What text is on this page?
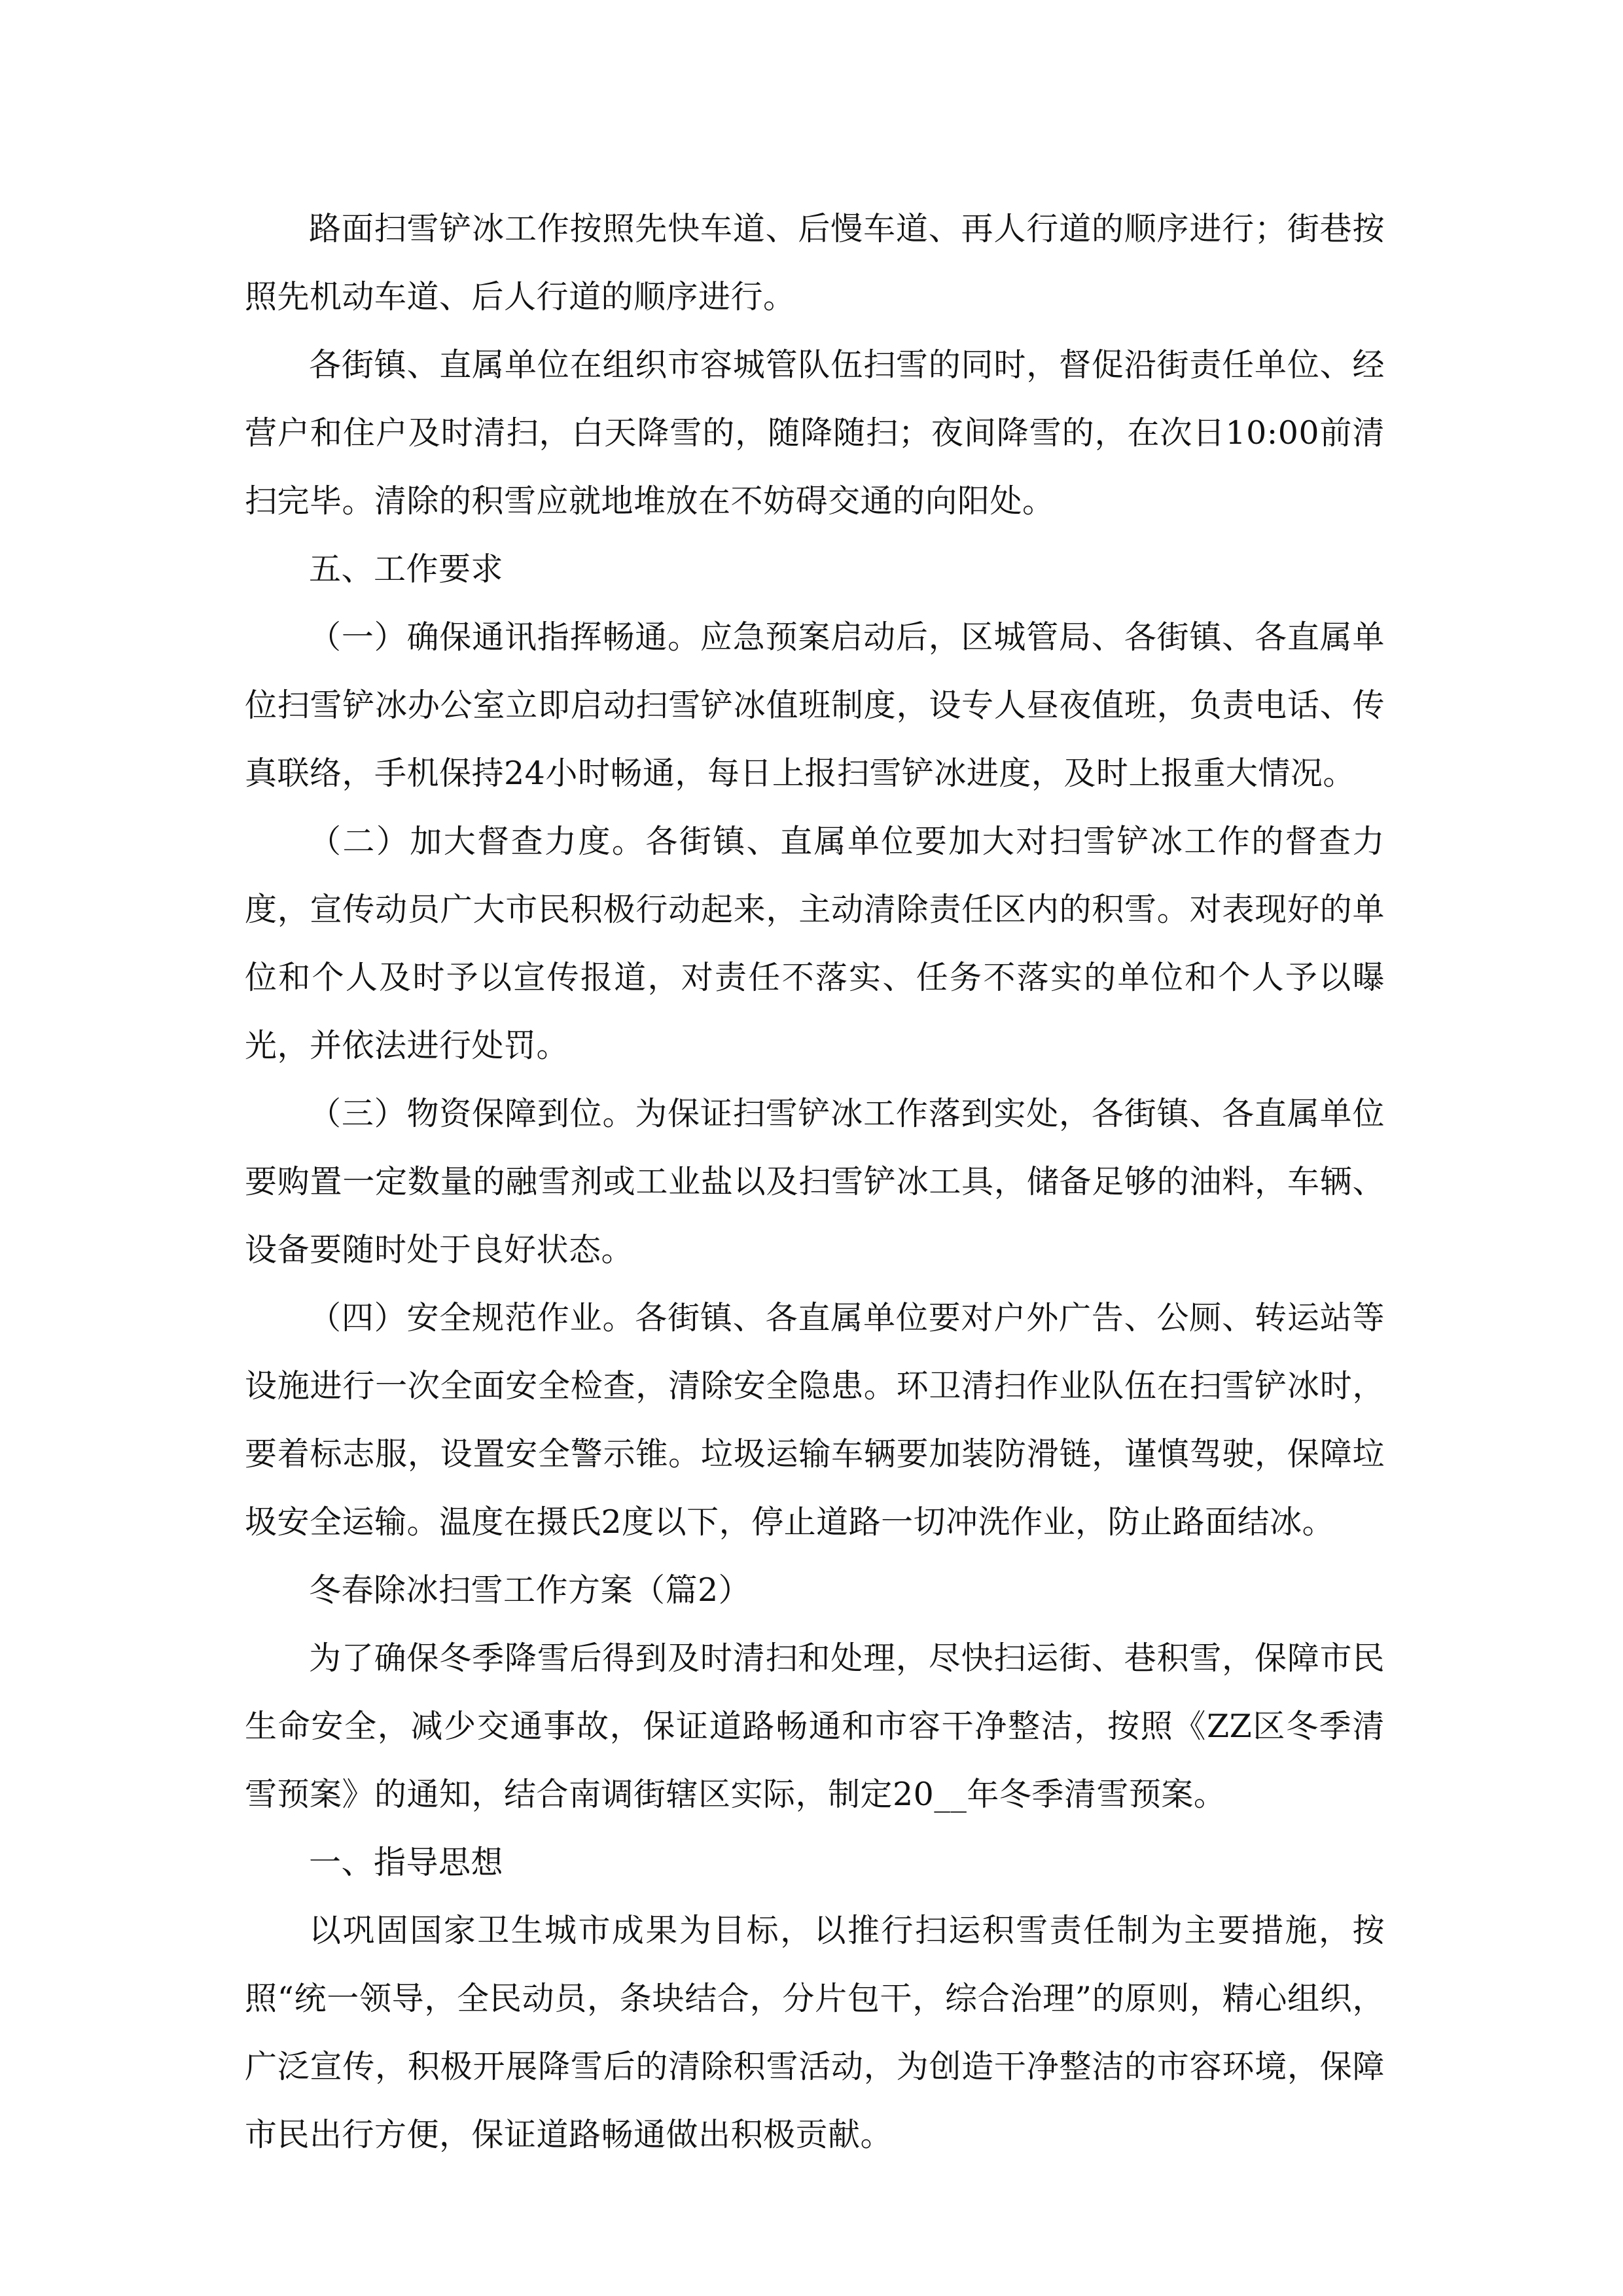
路面扫雪铲冰工作按照先快车道、后慢车道、再人行道的顺序进行；街巷按照先机动车道、后人行道的顺序进行。

各街镇、直属单位在组织市容城管队伍扫雪的同时，督促沿街责任单位、经营户和住户及时清扫，白天降雪的，随降随扫；夜间降雪的，在次日10:00前清扫完毕。清除的积雪应就地堆放在不妨碍交通的向阳处。

五、工作要求

（一）确保通讯指挥畅通。应急预案启动后，区城管局、各街镇、各直属单位扫雪铲冰办公室立即启动扫雪铲冰值班制度，设专人昼夜值班，负责电话、传真联络，手机保持24小时畅通，每日上报扫雪铲冰进度，及时上报重大情况。

（二）加大督查力度。各街镇、直属单位要加大对扫雪铲冰工作的督查力度，宣传动员广大市民积极行动起来，主动清除责任区内的积雪。对表现好的单位和个人及时予以宣传报道，对责任不落实、任务不落实的单位和个人予以曝光，并依法进行处罚。

（三）物资保障到位。为保证扫雪铲冰工作落到实处，各街镇、各直属单位要购置一定数量的融雪剂或工业盐以及扫雪铲冰工具，储备足够的油料，车辆、设备要随时处于良好状态。

（四）安全规范作业。各街镇、各直属单位要对户外广告、公厕、转运站等设施进行一次全面安全检查，清除安全隐患。环卫清扫作业队伍在扫雪铲冰时，要着标志服，设置安全警示锥。垃圾运输车辆要加装防滑链，谨慎驾驶，保障垃圾安全运输。温度在摄氏2度以下，停止道路一切冲洗作业，防止路面结冰。

冬春除冰扫雪工作方案（篇2）

为了确保冬季降雪后得到及时清扫和处理，尽快扫运街、巷积雪，保障市民生命安全，减少交通事故，保证道路畅通和市容干净整洁，按照《ZZ区冬季清雪预案》的通知，结合南调街辖区实际，制定20__年冬季清雪预案。

一、指导思想

以巩固国家卫生城市成果为目标，以推行扫运积雪责任制为主要措施，按照“统一领导，全民动员，条块结合，分片包干，综合治理”的原则，精心组织，广泛宣传，积极开展降雪后的清除积雪活动，为创造干净整洁的市容环境，保障市民出行方便，保证道路畅通做出积极贡献。
